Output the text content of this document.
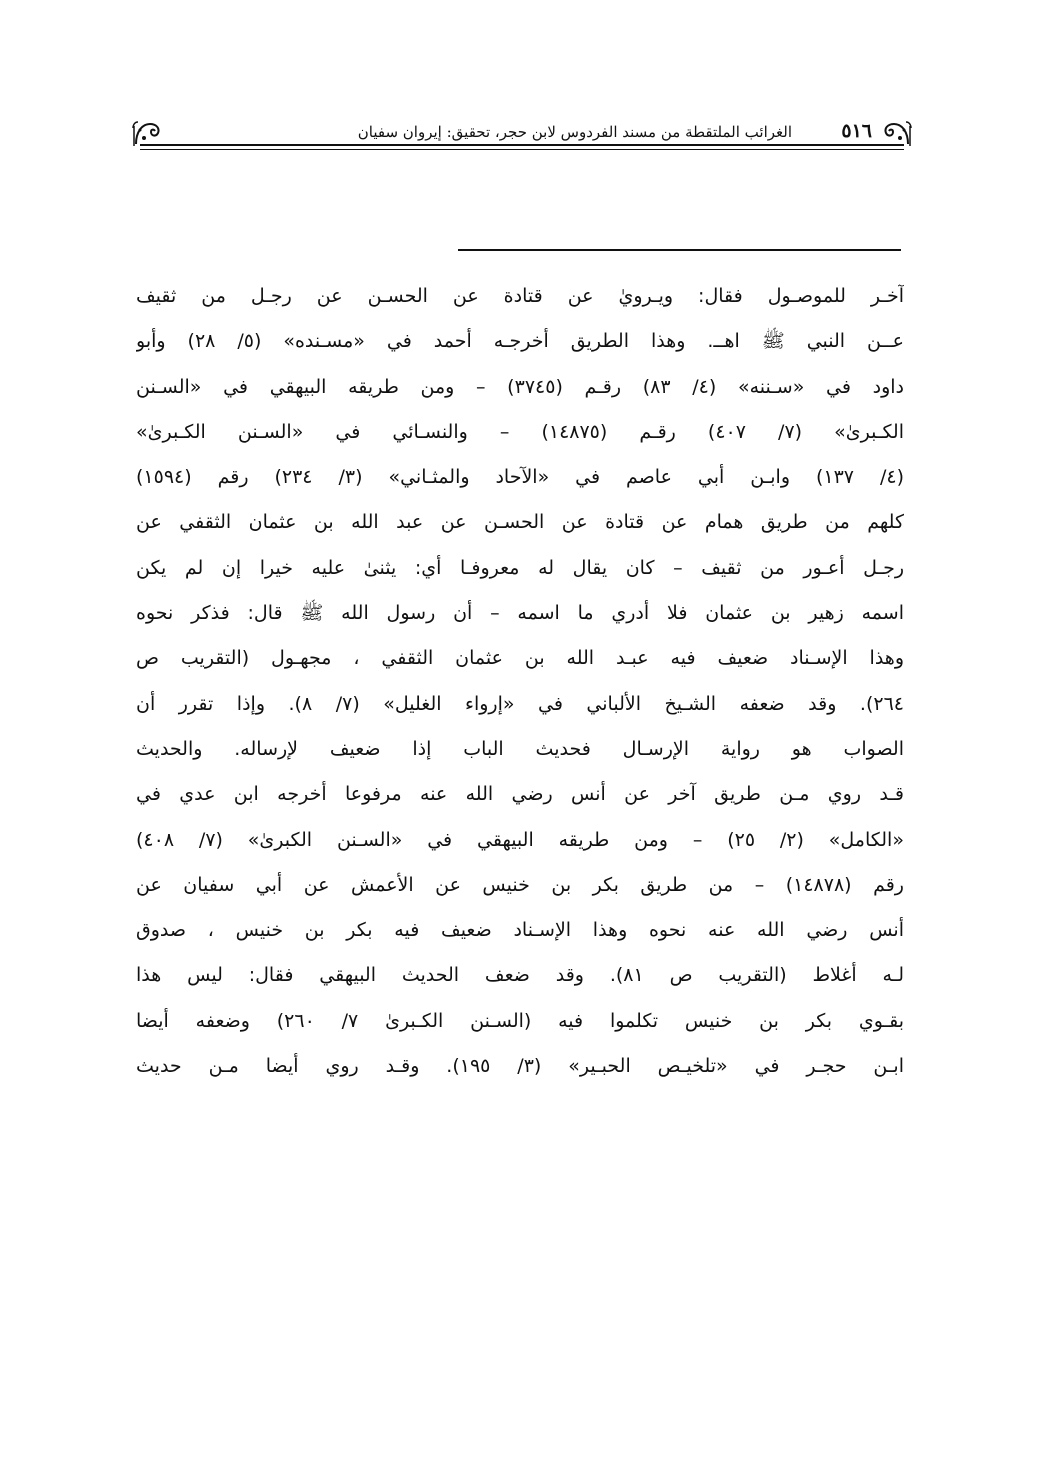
٥١٦
الغرائب الملتقطة من مسند الفردوس لابن حجر، تحقيق: إيروان سفيان
آخـر للموصـول فقال: ويـرويٰ عن قتادة عن الحسـن عن رجـل من ثقيف
عــن النبي ﷺ اهــ. وهذا الطريق أخرجـه أحمد في «مسـنده» (٥/ ٢٨) وأبو
داود في «سـننه» (٤/ ٨٣) رقـم (٣٧٤٥) – ومن طريقه البيهقي في «السـنن
الكـبرىٰ» (٧/ ٤٠٧) رقـم (١٤٨٧٥) – والنسـائي في «السـنن الكـبرىٰ»
(٤/ ١٣٧) وابـن أبي عاصم في «الآحاد والمثـاني» (٣/ ٢٣٤) رقم (١٥٩٤)
كلهم من طريق همام عن قتادة عن الحسـن عن عبد الله بن عثمان الثقفي عن
رجـل أعـور من ثقيف – كان يقال له معروفـا أي: يثنىٰ عليه خيرا إن لم يكن
اسمه زهير بن عثمان فلا أدري ما اسمه – أن رسول الله ﷺ قال: فذكر نحوه
وهذا الإسـناد ضعيف فيه عبـد الله بن عثمان الثقفي ، مجهـول (التقريب ص
٢٦٤). وقد ضعفه الشـيخ الألباني في «إرواء الغليل» (٧/ ٨). وإذا تقرر أن
الصواب هو رواية الإرسـال فحديث الباب إذا ضعيف لإرساله. والحديث
قـد روي مـن طريق آخر عن أنس رضي الله عنه مرفوعا أخرجه ابن عدي في
«الكامل» (٢/ ٢٥) – ومن طريقه البيهقي في «السـنن الكبرىٰ» (٧/ ٤٠٨)
رقم (١٤٨٧٨) – من طريق بكر بن خنيس عن الأعمش عن أبي سفيان عن
أنس رضي الله عنه نحوه وهذا الإسـناد ضعيف فيه بكر بن خنيس ، صدوق
لـه أغلاط (التقريب ص ٨١). وقد ضعف الحديث البيهقي فقال: ليس هذا
بقـوي بكر بن خنيس تكلموا فيه (السـنن الكـبرىٰ ٧/ ٢٦٠) وضعفه أيضا
ابـن حجـر في «تلخيـص الحبـير» (٣/ ١٩٥). وقـد روي أيضا مـن حديث
